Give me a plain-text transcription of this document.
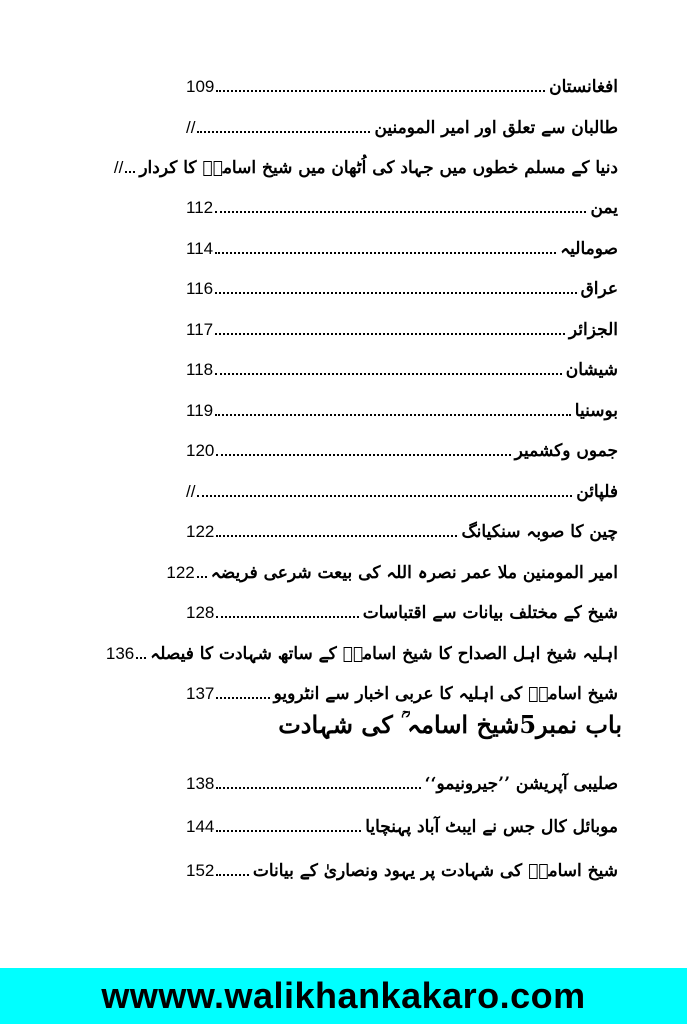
افغانستان
109
طالبان سے تعلق اور امیر المومنین
//
دنیا کے مسلم خطوں میں جہاد کی اُٹھان میں شیخ اسامہؒ کا کردار
//
یمن
112
صومالیہ
114
عراق
116
الجزائر
117
شیشان
118
بوسنیا
119
جموں وکشمیر
120
فلپائن
//
چین کا صوبہ سنکیانگ
122
امیر المومنین ملا عمر نصرہ اللہ کی بیعت شرعی فریضہ
122
شیخ کے مختلف بیانات سے اقتباسات
128
اہلیہ شیخ اہل الصداح کا شیخ اسامہؒ کے ساتھ شہادت کا فیصلہ
136
شیخ اسامہؒ کی اہلیہ کا عربی اخبار سے انٹرویو
137
صلیبی آپریشن ’’جیرونیمو‘‘
138
موبائل کال جس نے ایبٹ آباد پہنچایا
144
شیخ اسامہؒ کی شہادت پر یہود ونصاریٰ کے بیانات
152
باب نمبر5
شیخ اسامہ ؒ کی شہادت
wwww.walikhankakaro.com
